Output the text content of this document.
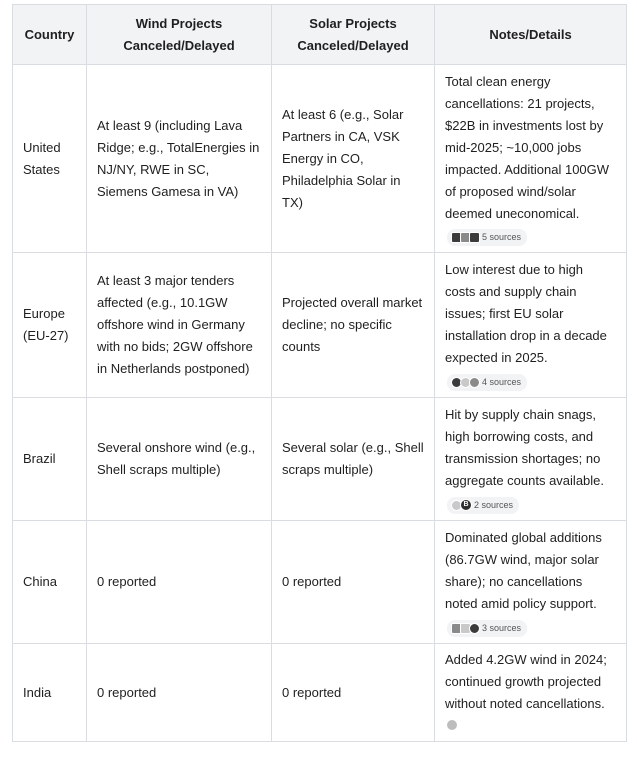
Country	Wind Projects Canceled/Delayed	Solar Projects Canceled/Delayed	Notes/Details
United States	At least 9 (including Lava Ridge; e.g., TotalEnergies in NJ/NY, RWE in SC, Siemens Gamesa in VA)	At least 6 (e.g., Solar Partners in CA, VSK Energy in CO, Philadelphia Solar in TX)	Total clean energy cancellations: 21 projects, $22B in investments lost by mid-2025; ~10,000 jobs impacted. Additional 100GW of proposed wind/solar deemed uneconomical.
5 sources

Europe (EU-27)	At least 3 major tenders affected (e.g., 10.1GW offshore wind in Germany with no bids; 2GW offshore in Netherlands postponed)	Projected overall market decline; no specific counts	Low interest due to high costs and supply chain issues; first EU solar installation drop in a decade expected in 2025.
4 sources

Brazil	Several onshore wind (e.g., Shell scraps multiple)	Several solar (e.g., Shell scraps multiple)	Hit by supply chain snags, high borrowing costs, and transmission shortages; no aggregate counts available.
B 2 sources

China	0 reported	0 reported	Dominated global additions (86.7GW wind, major solar share); no cancellations noted amid policy support.
3 sources

India	0 reported	0 reported	Added 4.2GW wind in 2024; continued growth projected without noted cancellations.
